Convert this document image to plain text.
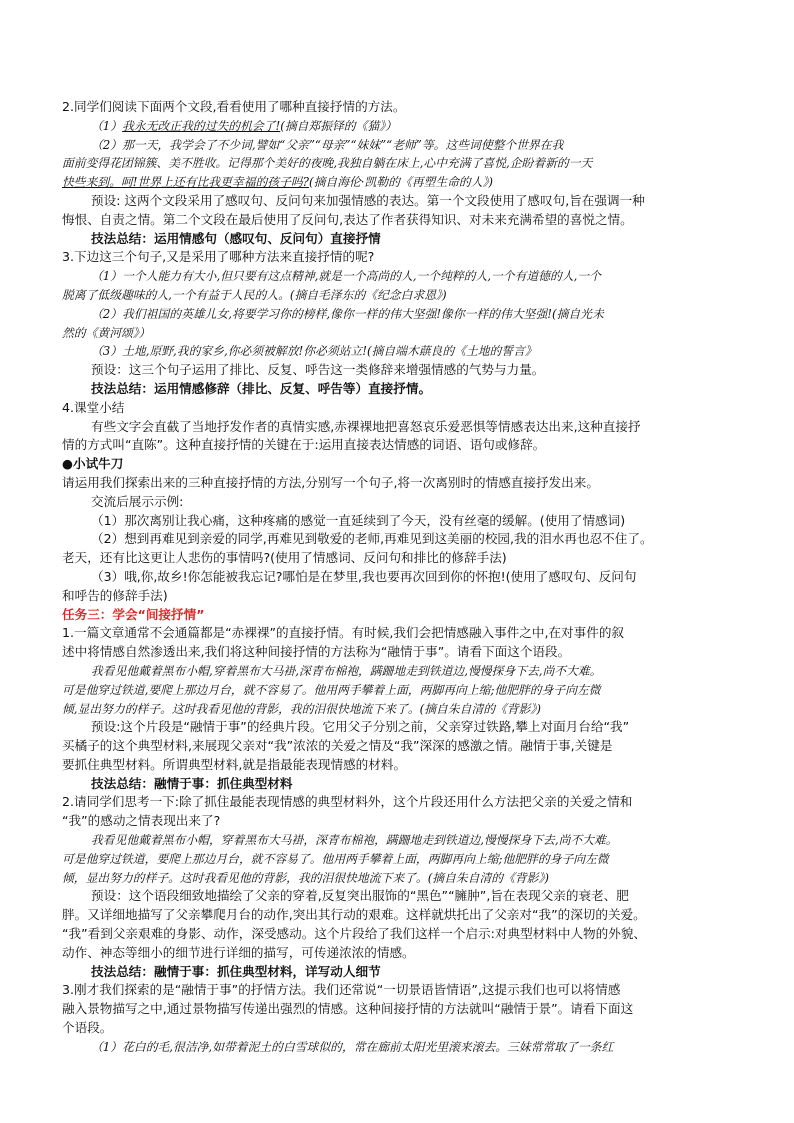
2.同学们阅读下面两个文段,看看使用了哪种直接抒情的方法。
（1）我永无改正我的过失的机会了!(摘自郑振铎的《猫》）
（2）那一天，我学会了不少词,譬如“父亲”“母亲”“妹妹”“老师”等。这些词使整个世界在我
面前变得花团锦簇、美不胜收。记得那个美好的夜晚,我独自躺在床上,心中充满了喜悦,企盼着新的一天
快些来到。呵!世界上还有比我更幸福的孩子吗?(摘自海伦·凯勒的《再塑生命的人》)
预设: 这两个文段采用了感叹句、反问句来加强情感的表达。第一个文段使用了感叹句,旨在强调一种
悔恨、自责之情。第二个文段在最后使用了反问句,表达了作者获得知识、对未来充满希望的喜悦之情。
技法总结：运用情感句（感叹句、反问句）直接抒情
3.下边这三个句子,又是采用了哪种方法来直接抒情的呢?
（1）一个人能力有大小,但只要有这点精神,就是一个高尚的人,一个纯粹的人,一个有道德的人,一个
脱离了低级趣味的人,一个有益于人民的人。(摘自毛泽东的《纪念白求恩》)
（2）我们祖国的英雄儿女,将要学习你的榜样,像你一样的伟大坚强!像你一样的伟大坚强!(摘自光未
然的《黄河颂》）
（3）土地,原野,我的家乡,你必须被解放!你必须站立!(摘自端木蕻良的《土地的誓言》
预设：这三个句子运用了排比、反复、呼告这一类修辞来增强情感的气势与力量。
技法总结：运用情感修辞（排比、反复、呼告等）直接抒情。
4.课堂小结
有些文字会直截了当地抒发作者的真情实感,赤裸裸地把喜怒哀乐爱恶惧等情感表达出来,这种直接抒
情的方式叫“直陈”。这种直接抒情的关键在于:运用直接表达情感的词语、语句或修辞。
●小试牛刀
请运用我们探索出来的三种直接抒情的方法,分别写一个句子,将一次离别时的情感直接抒发出来。
交流后展示示例:
（1）那次离别让我心痛，这种疼痛的感觉一直延续到了今天，没有丝毫的缓解。(使用了情感词)
（2）想到再难见到亲爱的同学,再难见到敬爱的老师,再难见到这美丽的校园,我的泪水再也忍不住了。
老天，还有比这更让人悲伤的事情吗?(使用了情感词、反问句和排比的修辞手法)
（3）哦,你,故乡!你怎能被我忘记?哪怕是在梦里,我也要再次回到你的怀抱!(使用了感叹句、反问句
和呼告的修辞手法)
任务三：学会“间接抒情”
1.一篇文章通常不会通篇都是“赤裸裸”的直接抒情。有时候,我们会把情感融入事件之中,在对事件的叙
述中将情感自然渗透出来,我们将这种间接抒情的方法称为“融情于事”。请看下面这个语段。
我看见他戴着黑布小帽,穿着黑布大马褂,深青布棉袍，蹒跚地走到铁道边,慢慢探身下去,尚不大难。
可是他穿过铁道,要爬上那边月台，就不容易了。他用两手攀着上面，两脚再向上缩;他肥胖的身子向左微
倾,显出努力的样子。这时我看见他的背影，我的泪很快地流下来了。(摘自朱自清的《背影》)
预设:这个片段是“融情于事”的经典片段。它用父子分别之前，父亲穿过铁路,攀上对面月台给“我”
买橘子的这个典型材料,来展现父亲对“我”浓浓的关爱之情及“我”深深的感激之情。融情于事,关键是
要抓住典型材料。所谓典型材料,就是指最能表现情感的材料。
技法总结：融情于事：抓住典型材料
2.请同学们思考一下:除了抓住最能表现情感的典型材料外，这个片段还用什么方法把父亲的关爱之情和
“我”的感动之情表现出来了?
我看见他戴着黑布小帽，穿着黑布大马褂，深青布棉袍，蹒跚地走到铁道边,慢慢探身下去,尚不大难。
可是他穿过铁道，要爬上那边月台，就不容易了。他用两手攀着上面，两脚再向上缩;他肥胖的身子向左微
倾，显出努力的样子。这时我看见他的背影，我的泪很快地流下来了。(摘自朱自清的《背影》)
预设：这个语段细致地描绘了父亲的穿着,反复突出服饰的“黑色”“臃肿”,旨在表现父亲的衰老、肥
胖。又详细地描写了父亲攀爬月台的动作,突出其行动的艰难。这样就烘托出了父亲对“我”的深切的关爱。
“我”看到父亲艰难的身影、动作，深受感动。这个片段给了我们这样一个启示:对典型材料中人物的外貌、
动作、神态等细小的细节进行详细的描写，可传递浓浓的情感。
技法总结：融情于事：抓住典型材料，详写动人细节
3.刚才我们探索的是“融情于事”的抒情方法。我们还常说“一切景语皆情语”,这提示我们也可以将情感
融入景物描写之中,通过景物描写传递出强烈的情感。这种间接抒情的方法就叫“融情于景”。请看下面这
个语段。
（1）花白的毛,很洁净,如带着泥土的白雪球似的，常在廊前太阳光里滚来滚去。三妹常常取了一条红
